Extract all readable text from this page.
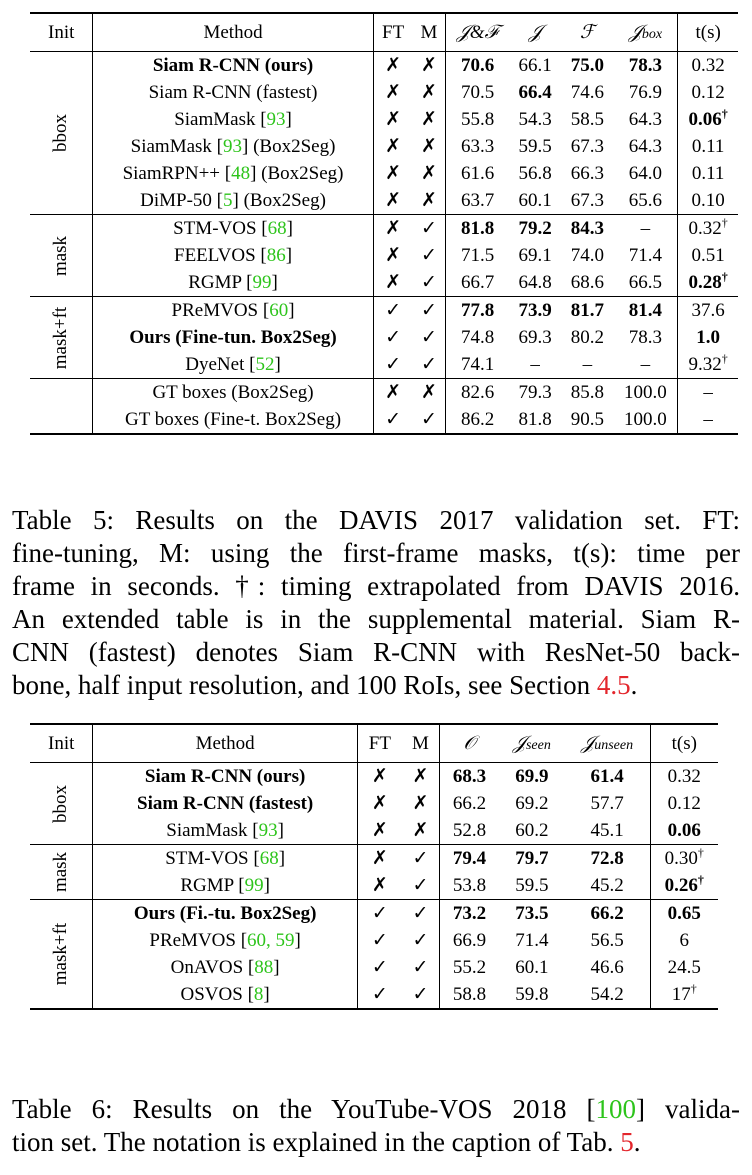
Init	Method	FT	M	𝒥&ℱ	𝒥	ℱ	𝒥box	t(s)
bbox	Siam R-CNN (ours)	✗	✗	70.6	66.1	75.0	78.3	0.32
	Siam R-CNN (fastest)	✗	✗	70.5	66.4	74.6	76.9	0.12
	SiamMask [93]	✗	✗	55.8	54.3	58.5	64.3	0.06†
	SiamMask [93] (Box2Seg)	✗	✗	63.3	59.5	67.3	64.3	0.11
	SiamRPN++ [48] (Box2Seg)	✗	✗	61.6	56.8	66.3	64.0	0.11
	DiMP-50 [5] (Box2Seg)	✗	✗	63.7	60.1	67.3	65.6	0.10
mask	STM-VOS [68]	✗	✓	81.8	79.2	84.3	–	0.32†
	FEELVOS [86]	✗	✓	71.5	69.1	74.0	71.4	0.51
	RGMP [99]	✗	✓	66.7	64.8	68.6	66.5	0.28†
mask+ft	PReMVOS [60]	✓	✓	77.8	73.9	81.7	81.4	37.6
	Ours (Fine-tun. Box2Seg)	✓	✓	74.8	69.3	80.2	78.3	1.0
	DyeNet [52]	✓	✓	74.1	–	–	–	9.32†
	GT boxes (Box2Seg)	✗	✗	82.6	79.3	85.8	100.0	–
	GT boxes (Fine-t. Box2Seg)	✓	✓	86.2	81.8	90.5	100.0	–
Table 5: Results on the DAVIS 2017 validation set. FT:
fine-tuning, M: using the first-frame masks, t(s): time per
frame in seconds. †: timing extrapolated from DAVIS 2016.
An extended table is in the supplemental material. Siam R-
CNN (fastest) denotes Siam R-CNN with ResNet-50 back-
bone, half input resolution, and 100 RoIs, see Section 4.5.
Init	Method	FT	M	𝒪	𝒥seen	𝒥unseen	t(s)
bbox	Siam R-CNN (ours)	✗	✗	68.3	69.9	61.4	0.32
	Siam R-CNN (fastest)	✗	✗	66.2	69.2	57.7	0.12
	SiamMask [93]	✗	✗	52.8	60.2	45.1	0.06
mask	STM-VOS [68]	✗	✓	79.4	79.7	72.8	0.30†
	RGMP [99]	✗	✓	53.8	59.5	45.2	0.26†
mask+ft	Ours (Fi.-tu. Box2Seg)	✓	✓	73.2	73.5	66.2	0.65
	PReMVOS [60, 59]	✓	✓	66.9	71.4	56.5	6
	OnAVOS [88]	✓	✓	55.2	60.1	46.6	24.5
	OSVOS [8]	✓	✓	58.8	59.8	54.2	17†
Table 6: Results on the YouTube-VOS 2018 [100] valida-
tion set. The notation is explained in the caption of Tab. 5.
